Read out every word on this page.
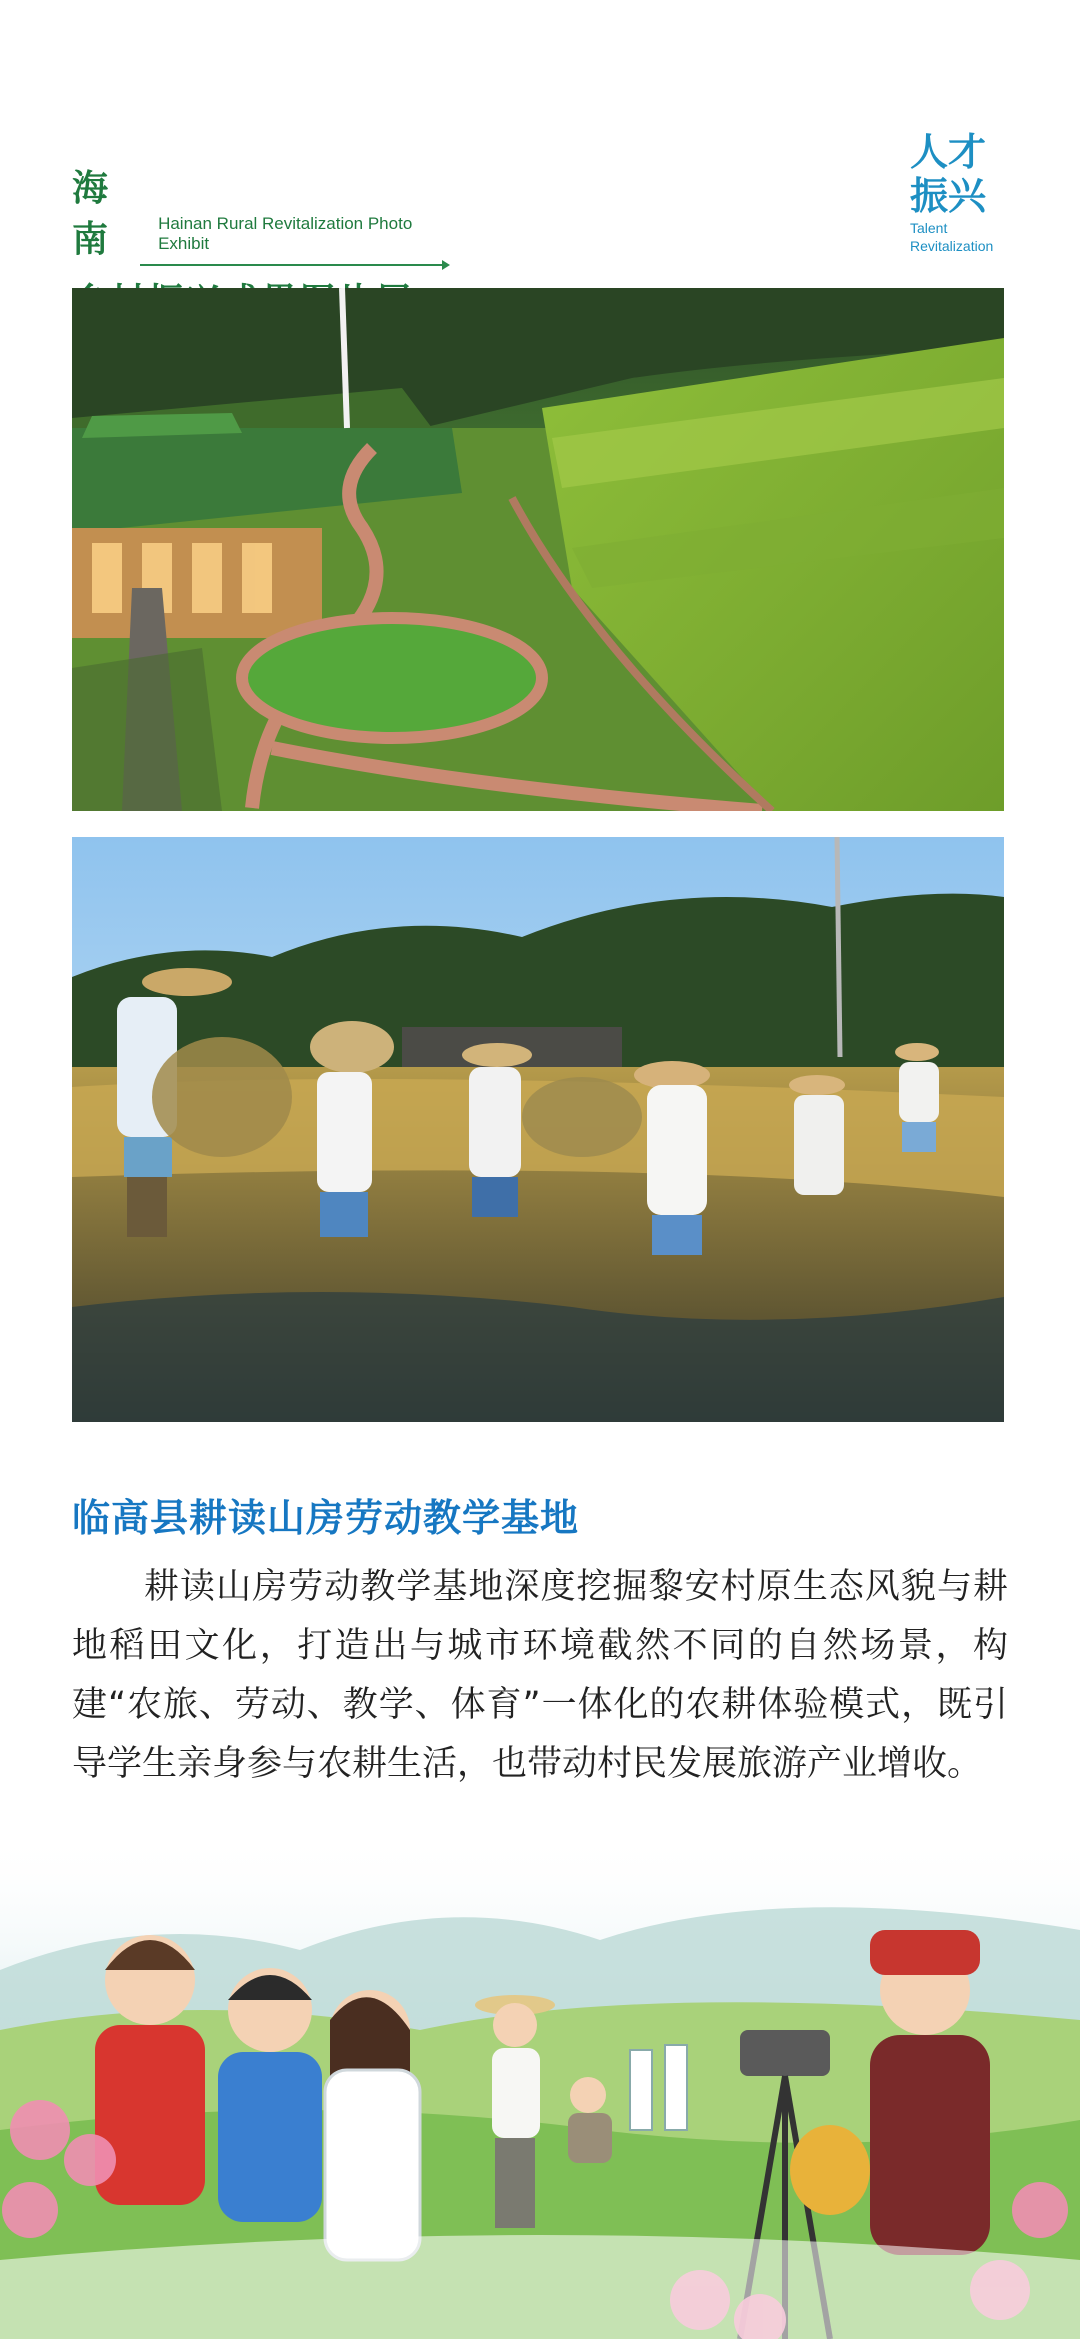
海南	Hainan Rural Revitalization Photo Exhibit
人才
振兴
Talent
Revitalization
临高县耕读山房劳动教学基地
耕读山房劳动教学基地深度挖掘黎安村原生态风貌与耕地稻田文化，打造出与城市环境截然不同的自然场景，构建“农旅、劳动、教学、体育”一体化的农耕体验模式，既引导学生亲身参与农耕生活，也带动村民发展旅游产业增收。
